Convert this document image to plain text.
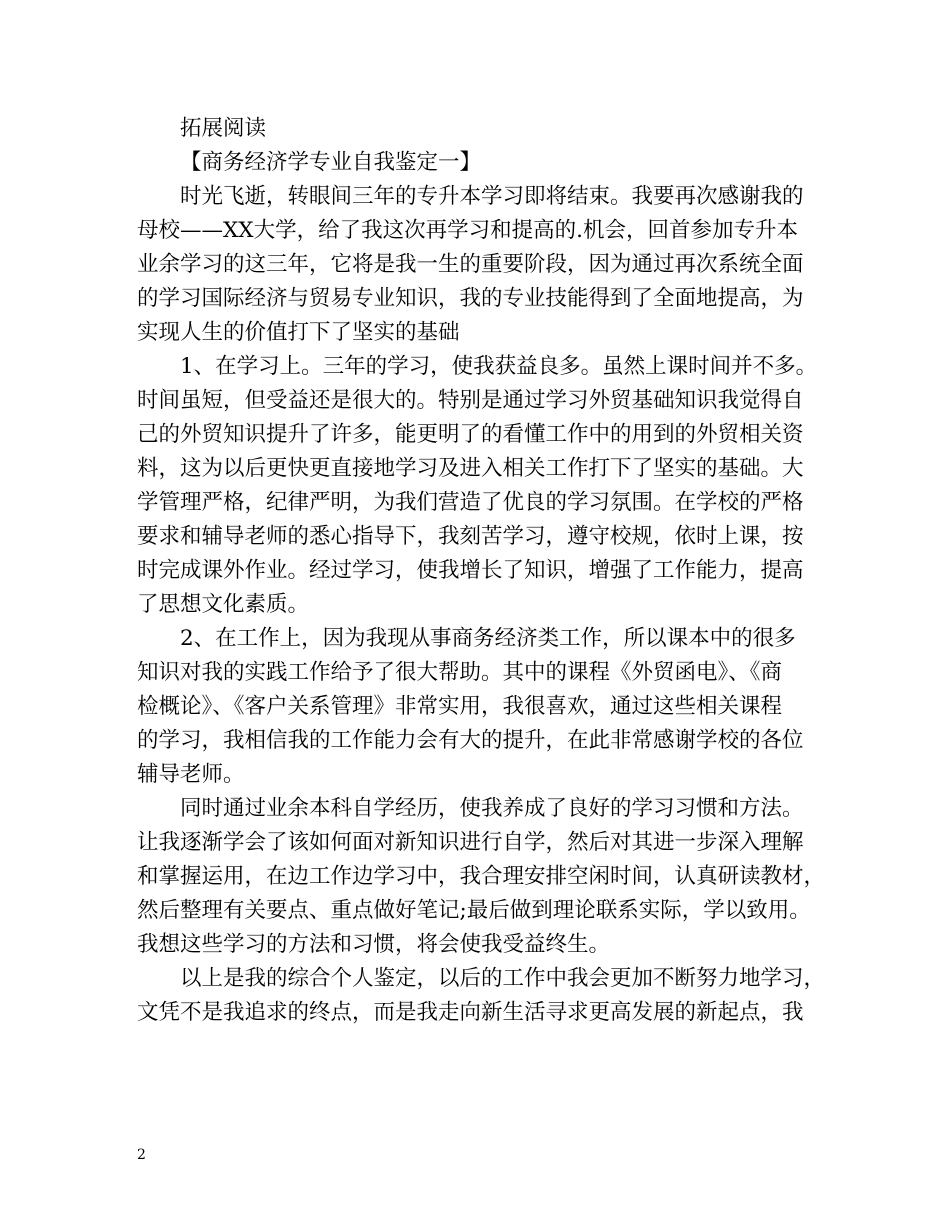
拓展阅读
【商务经济学专业自我鉴定一】
时光飞逝，转眼间三年的专升本学习即将结束。我要再次感谢我的
母校——XX大学，给了我这次再学习和提高的.机会，回首参加专升本
业余学习的这三年，它将是我一生的重要阶段，因为通过再次系统全面
的学习国际经济与贸易专业知识，我的专业技能得到了全面地提高，为
实现人生的价值打下了坚实的基础
1、在学习上。三年的学习，使我获益良多。虽然上课时间并不多。
时间虽短，但受益还是很大的。特别是通过学习外贸基础知识我觉得自
己的外贸知识提升了许多，能更明了的看懂工作中的用到的外贸相关资
料，这为以后更快更直接地学习及进入相关工作打下了坚实的基础。大
学管理严格，纪律严明，为我们营造了优良的学习氛围。在学校的严格
要求和辅导老师的悉心指导下，我刻苦学习，遵守校规，依时上课，按
时完成课外作业。经过学习，使我增长了知识，增强了工作能力，提高
了思想文化素质。
2、在工作上，因为我现从事商务经济类工作，所以课本中的很多
知识对我的实践工作给予了很大帮助。其中的课程《外贸函电》、《商
检概论》、《客户关系管理》非常实用，我很喜欢，通过这些相关课程
的学习，我相信我的工作能力会有大的提升，在此非常感谢学校的各位
辅导老师。
同时通过业余本科自学经历，使我养成了良好的学习习惯和方法。
让我逐渐学会了该如何面对新知识进行自学，然后对其进一步深入理解
和掌握运用，在边工作边学习中，我合理安排空闲时间，认真研读教材，
然后整理有关要点、重点做好笔记;最后做到理论联系实际，学以致用。
我想这些学习的方法和习惯，将会使我受益终生。
以上是我的综合个人鉴定，以后的工作中我会更加不断努力地学习，
文凭不是我追求的终点，而是我走向新生活寻求更高发展的新起点，我
2
